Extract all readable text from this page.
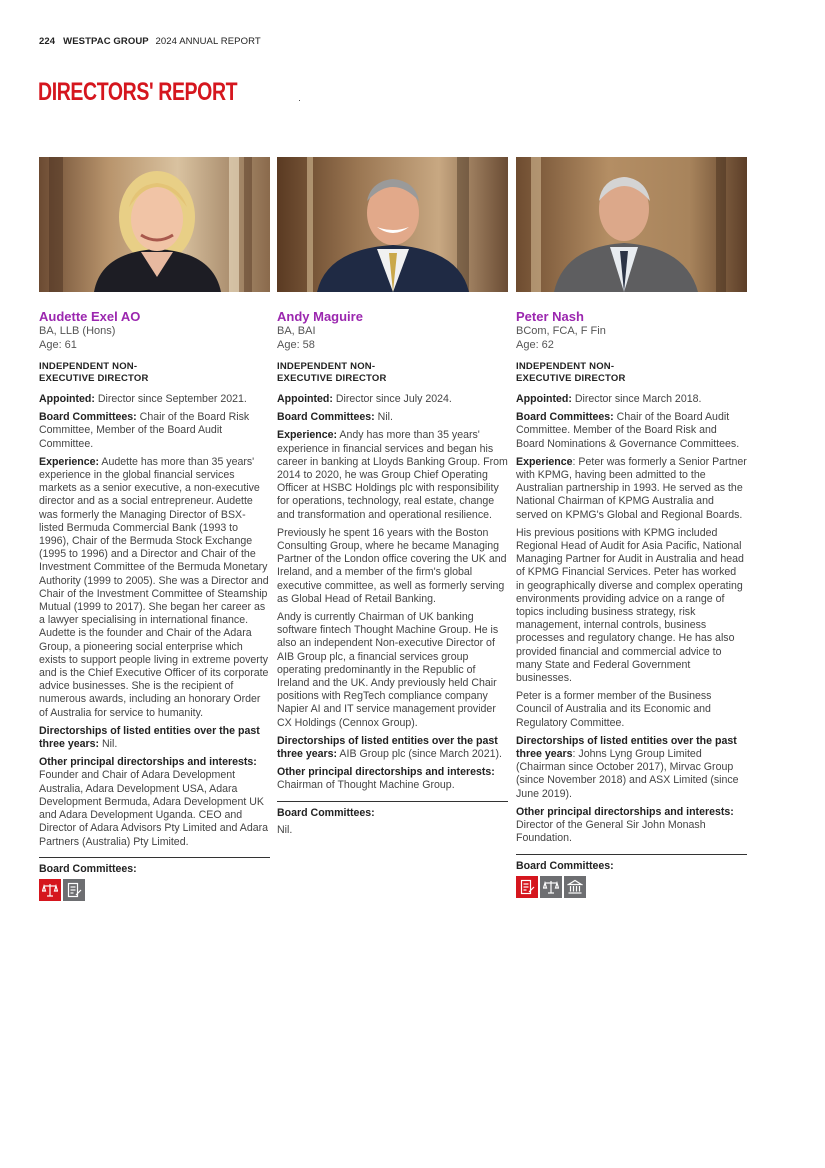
224 WESTPAC GROUP 2024 ANNUAL REPORT
DIRECTORS' REPORT
Audette Exel AO
BA, LLB (Hons)
Age: 61
INDEPENDENT NON-
EXECUTIVE DIRECTOR
Appointed: Director since September 2021.
Board Committees: Chair of the Board Risk Committee, Member of the Board Audit Committee.
Experience: Audette has more than 35 years' experience in the global financial services markets as a senior executive, a non-executive director and as a social entrepreneur. Audette was formerly the Managing Director of BSX-listed Bermuda Commercial Bank (1993 to 1996), Chair of the Bermuda Stock Exchange (1995 to 1996) and a Director and Chair of the Investment Committee of the Bermuda Monetary Authority (1999 to 2005). She was a Director and Chair of the Investment Committee of Steamship Mutual (1999 to 2017). She began her career as a lawyer specialising in international finance. Audette is the founder and Chair of the Adara Group, a pioneering social enterprise which exists to support people living in extreme poverty and is the Chief Executive Officer of its corporate advice businesses. She is the recipient of numerous awards, including an honorary Order of Australia for service to humanity.
Directorships of listed entities over the past three years: Nil.
Other principal directorships and interests: Founder and Chair of Adara Development Australia, Adara Development USA, Adara Development Bermuda, Adara Development UK and Adara Development Uganda. CEO and Director of Adara Advisors Pty Limited and Adara Partners (Australia) Pty Limited.
Board Committees:
Andy Maguire
BA, BAI
Age: 58
INDEPENDENT NON-
EXECUTIVE DIRECTOR
Appointed: Director since July 2024.
Board Committees: Nil.
Experience: Andy has more than 35 years' experience in financial services and began his career in banking at Lloyds Banking Group. From 2014 to 2020, he was Group Chief Operating Officer at HSBC Holdings plc with responsibility for operations, technology, real estate, change and transformation and operational resilience.
Previously he spent 16 years with the Boston Consulting Group, where he became Managing Partner of the London office covering the UK and Ireland, and a member of the firm's global executive committee, as well as formerly serving as Global Head of Retail Banking.
Andy is currently Chairman of UK banking software fintech Thought Machine Group. He is also an independent Non-executive Director of AIB Group plc, a financial services group operating predominantly in the Republic of Ireland and the UK. Andy previously held Chair positions with RegTech compliance company Napier AI and IT service management provider CX Holdings (Cennox Group).
Directorships of listed entities over the past three years: AIB Group plc (since March 2021).
Other principal directorships and interests: Chairman of Thought Machine Group.
Board Committees:
Nil.
Peter Nash
BCom, FCA, F Fin
Age: 62
INDEPENDENT NON-
EXECUTIVE DIRECTOR
Appointed: Director since March 2018.
Board Committees: Chair of the Board Audit Committee. Member of the Board Risk and Board Nominations & Governance Committees.
Experience: Peter was formerly a Senior Partner with KPMG, having been admitted to the Australian partnership in 1993. He served as the National Chairman of KPMG Australia and served on KPMG's Global and Regional Boards.
His previous positions with KPMG included Regional Head of Audit for Asia Pacific, National Managing Partner for Audit in Australia and head of KPMG Financial Services. Peter has worked in geographically diverse and complex operating environments providing advice on a range of topics including business strategy, risk management, internal controls, business processes and regulatory change. He has also provided financial and commercial advice to many State and Federal Government businesses.
Peter is a former member of the Business Council of Australia and its Economic and Regulatory Committee.
Directorships of listed entities over the past three years: Johns Lyng Group Limited (Chairman since October 2017), Mirvac Group (since November 2018) and ASX Limited (since June 2019).
Other principal directorships and interests: Director of the General Sir John Monash Foundation.
Board Committees:
